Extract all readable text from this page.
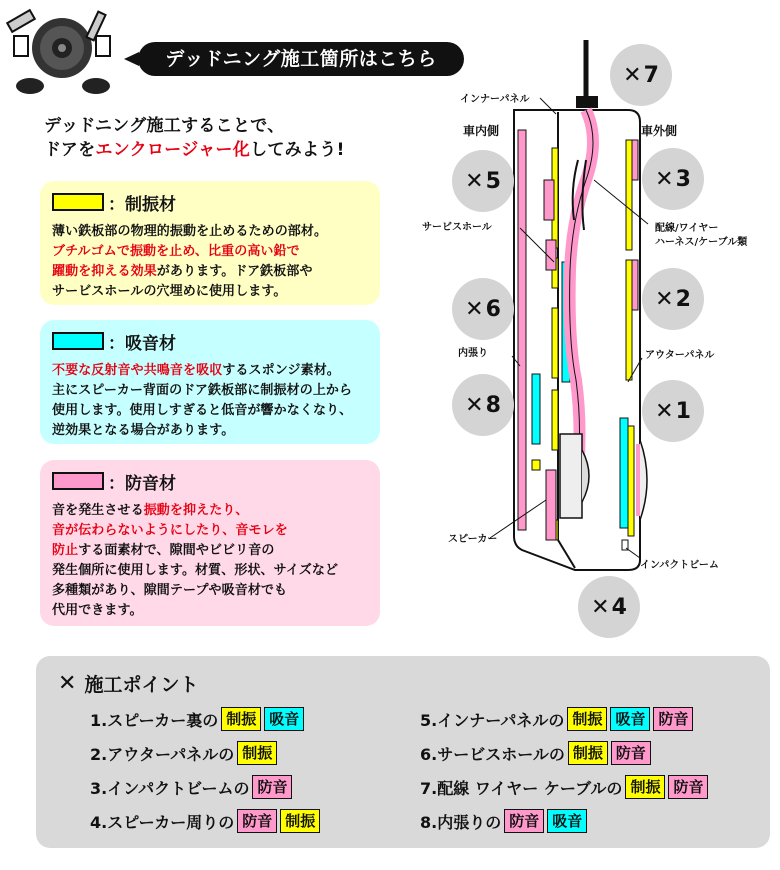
デッドニング施工箇所はこちら
デッドニング施工することで、
ドアをエンクロージャー化してみよう!
：制振材
薄い鉄板部の物理的振動を止めるための部材。
ブチルゴムで振動を止め、比重の高い鉛で
躍動を抑える効果があります。ドア鉄板部や
サービスホールの穴埋めに使用します。
：吸音材
不要な反射音や共鳴音を吸収するスポンジ素材。
主にスピーカー背面のドア鉄板部に制振材の上から
使用します。使用しすぎると低音が響かなくなり、
逆効果となる場合があります。
：防音材
音を発生させる振動を抑えたり、
音が伝わらないようにしたり、音モレを
防止する面素材で、隙間やビビリ音の
発生個所に使用します。材質、形状、サイズなど
多種類があり、隙間テープや吸音材でも
代用できます。
インナーパネル
車内側	車外側
サービスホール	配線/ワイヤー
ハーネス/ケーブル類
内張り	アウターパネル
スピーカー
インパクトビーム
✕ 7
✕ 5	✕ 3
✕ 6	✕ 2
✕ 8	✕ 1
✕ 4
✕ 施工ポイント
1.スピーカー裏の 制振 吸音
2.アウターパネルの 制振
3.インパクトビームの 防音
4.スピーカー周りの 防音 制振
5.インナーパネルの 制振 吸音 防音
6.サービスホールの 制振 防音
7.配線 ワイヤー ケーブルの 制振 防音
8.内張りの 防音 吸音
